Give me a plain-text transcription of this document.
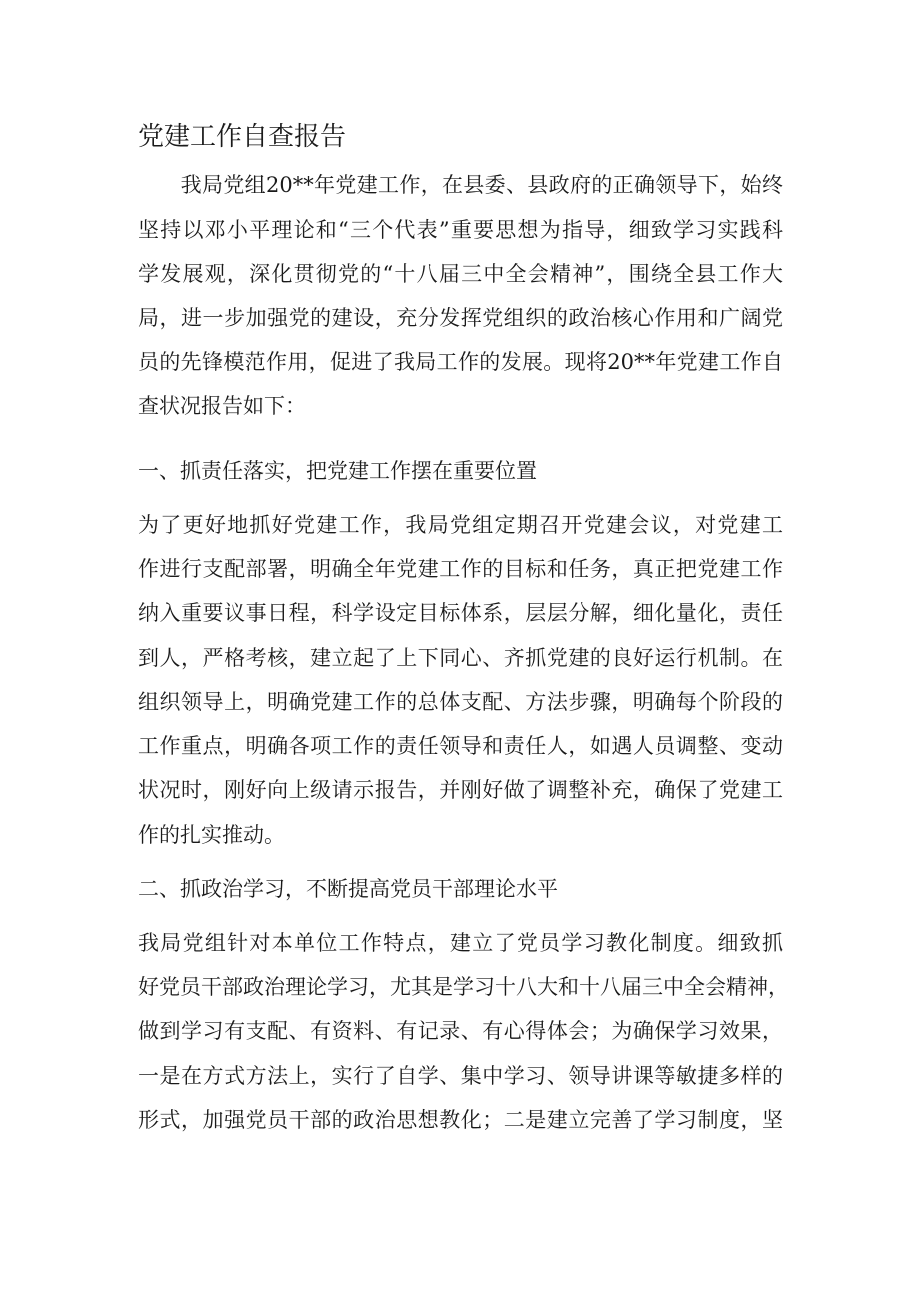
党建工作自查报告
　　我局党组20**年党建工作，在县委、县政府的正确领导下，始终
坚持以邓小平理论和“三个代表”重要思想为指导，细致学习实践科
学发展观，深化贯彻党的“十八届三中全会精神”，围绕全县工作大
局，进一步加强党的建设，充分发挥党组织的政治核心作用和广阔党
员的先锋模范作用，促进了我局工作的发展。现将20**年党建工作自
查状况报告如下：
一、抓责任落实，把党建工作摆在重要位置
为了更好地抓好党建工作，我局党组定期召开党建会议，对党建工
作进行支配部署，明确全年党建工作的目标和任务，真正把党建工作
纳入重要议事日程，科学设定目标体系，层层分解，细化量化，责任
到人，严格考核，建立起了上下同心、齐抓党建的良好运行机制。在
组织领导上，明确党建工作的总体支配、方法步骤，明确每个阶段的
工作重点，明确各项工作的责任领导和责任人，如遇人员调整、变动
状况时，刚好向上级请示报告，并刚好做了调整补充，确保了党建工
作的扎实推动。
二、抓政治学习，不断提高党员干部理论水平
我局党组针对本单位工作特点，建立了党员学习教化制度。细致抓
好党员干部政治理论学习，尤其是学习十八大和十八届三中全会精神，
做到学习有支配、有资料、有记录、有心得体会；为确保学习效果，
一是在方式方法上，实行了自学、集中学习、领导讲课等敏捷多样的
形式，加强党员干部的政治思想教化；二是建立完善了学习制度，坚
